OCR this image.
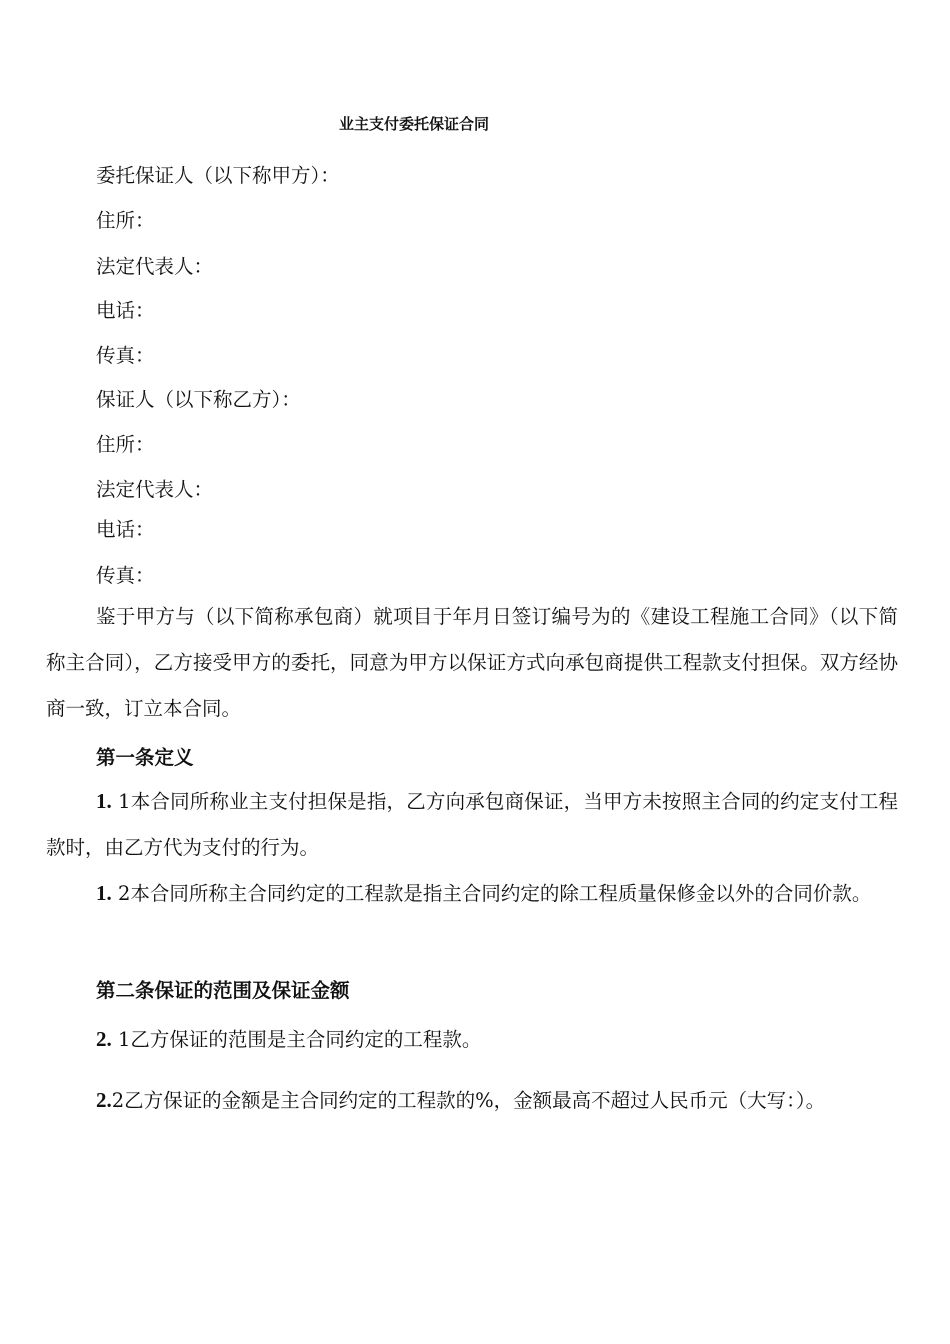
业主支付委托保证合同
委托保证人（以下称甲方）：
住所：
法定代表人：
电话：
传真：
保证人（以下称乙方）：
住所：
法定代表人：
电话：
传真：

鉴于甲方与（以下简称承包商）就项目于年月日签订编号为的《建设工程施工合同》（以下简称主合同），乙方接受甲方的委托，同意为甲方以保证方式向承包商提供工程款支付担保。双方经协商一致，订立本合同。

第一条定义

1. 1本合同所称业主支付担保是指，乙方向承包商保证，当甲方未按照主合同的约定支付工程款时，由乙方代为支付的行为。

1. 2本合同所称主合同约定的工程款是指主合同约定的除工程质量保修金以外的合同价款。

第二条保证的范围及保证金额

2. 1乙方保证的范围是主合同约定的工程款。

2.2乙方保证的金额是主合同约定的工程款的%，金额最高不超过人民币元（大写：）。
